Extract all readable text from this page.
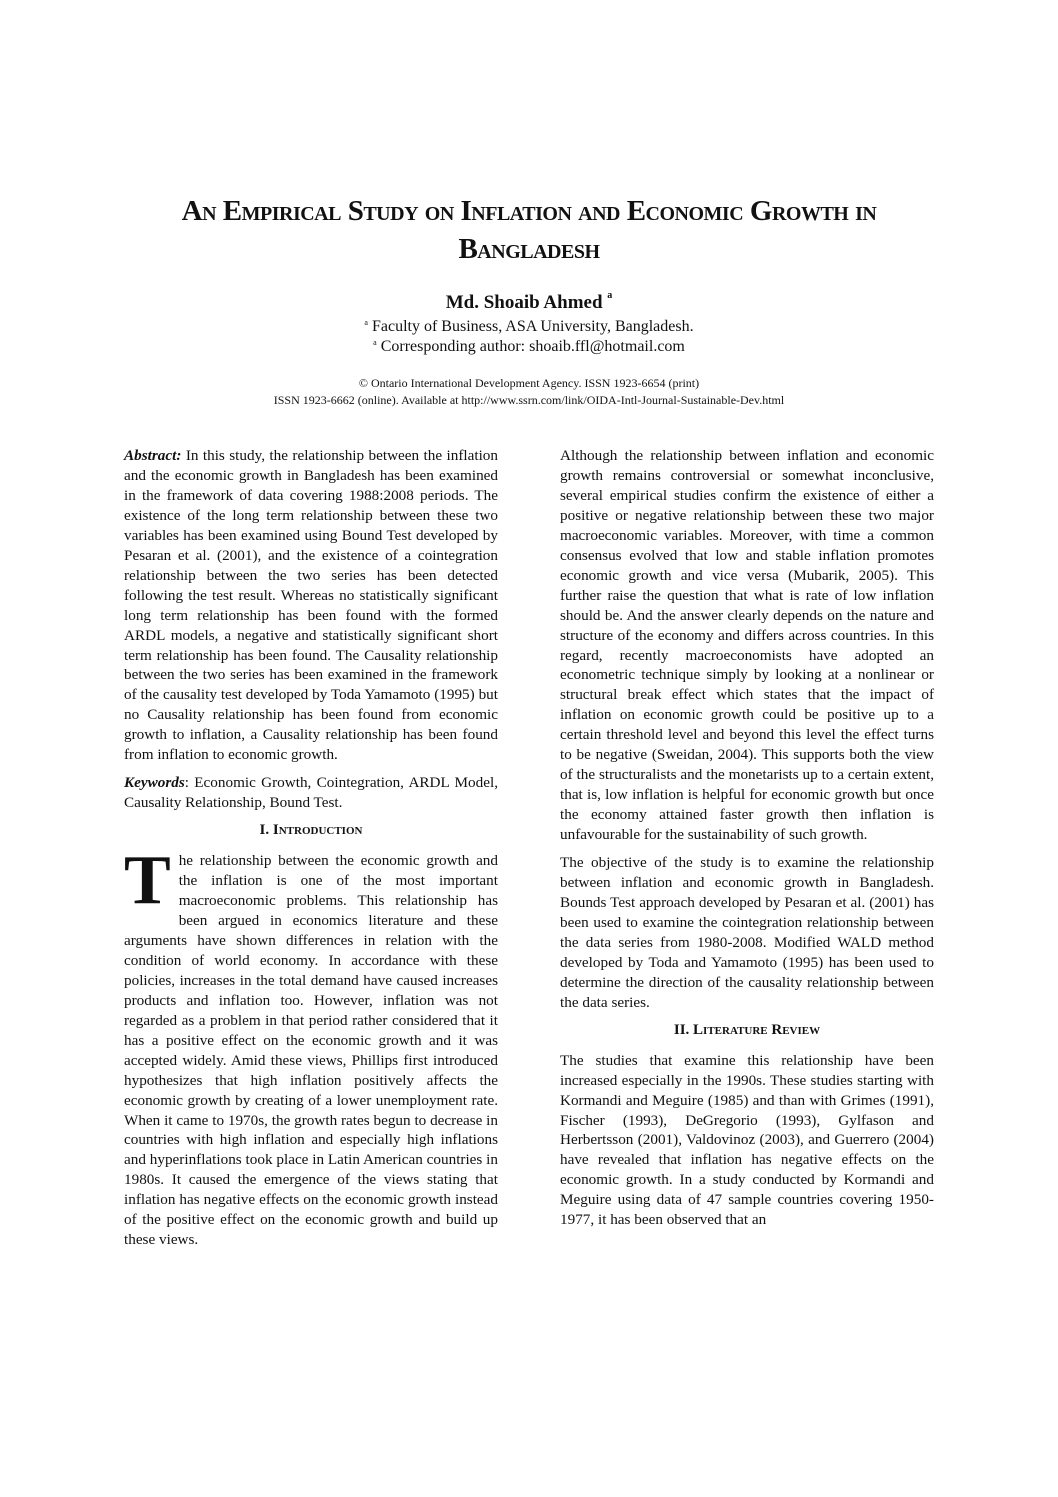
An Empirical Study on Inflation and Economic Growth in Bangladesh
Md. Shoaib Ahmed $^a$
$^a$ Faculty of Business, ASA University, Bangladesh.
$^a$ Corresponding author: shoaib.ffl@hotmail.com
© Ontario International Development Agency. ISSN 1923-6654 (print)
ISSN 1923-6662 (online). Available at http://www.ssrn.com/link/OIDA-Intl-Journal-Sustainable-Dev.html

Abstract: In this study, the relationship between the inflation and the economic growth in Bangladesh has been examined in the framework of data covering 1988:2008 periods. The existence of the long term relationship between these two variables has been examined using Bound Test developed by Pesaran et al. (2001), and the existence of a cointegration relationship between the two series has been detected following the test result. Whereas no statistically significant long term relationship has been found with the formed ARDL models, a negative and statistically significant short term relationship has been found. The Causality relationship between the two series has been examined in the framework of the causality test developed by Toda Yamamoto (1995) but no Causality relationship has been found from economic growth to inflation, a Causality relationship has been found from inflation to economic growth.

Keywords: Economic Growth, Cointegration, ARDL Model, Causality Relationship, Bound Test.

I. Introduction

The relationship between the economic growth and the inflation is one of the most important macroeconomic problems. This relationship has been argued in economics literature and these arguments have shown differences in relation with the condition of world economy. In accordance with these policies, increases in the total demand have caused increases products and inflation too. However, inflation was not regarded as a problem in that period rather considered that it has a positive effect on the economic growth and it was accepted widely. Amid these views, Phillips first introduced hypothesizes that high inflation positively affects the economic growth by creating of a lower unemployment rate. When it came to 1970s, the growth rates begun to decrease in countries with high inflation and especially high inflations and hyperinflations took place in Latin American countries in 1980s. It caused the emergence of the views stating that inflation has negative effects on the economic growth instead of the positive effect on the economic growth and build up these views.

Although the relationship between inflation and economic growth remains controversial or somewhat inconclusive, several empirical studies confirm the existence of either a positive or negative relationship between these two major macroeconomic variables. Moreover, with time a common consensus evolved that low and stable inflation promotes economic growth and vice versa (Mubarik, 2005). This further raise the question that what is rate of low inflation should be. And the answer clearly depends on the nature and structure of the economy and differs across countries. In this regard, recently macroeconomists have adopted an econometric technique simply by looking at a nonlinear or structural break effect which states that the impact of inflation on economic growth could be positive up to a certain threshold level and beyond this level the effect turns to be negative (Sweidan, 2004). This supports both the view of the structuralists and the monetarists up to a certain extent, that is, low inflation is helpful for economic growth but once the economy attained faster growth then inflation is unfavourable for the sustainability of such growth.

The objective of the study is to examine the relationship between inflation and economic growth in Bangladesh. Bounds Test approach developed by Pesaran et al. (2001) has been used to examine the cointegration relationship between the data series from 1980-2008. Modified WALD method developed by Toda and Yamamoto (1995) has been used to determine the direction of the causality relationship between the data series.

II. Literature Review

The studies that examine this relationship have been increased especially in the 1990s. These studies starting with Kormandi and Meguire (1985) and than with Grimes (1991), Fischer (1993), DeGregorio (1993), Gylfason and Herbertsson (2001), Valdovinoz (2003), and Guerrero (2004) have revealed that inflation has negative effects on the economic growth. In a study conducted by Kormandi and Meguire using data of 47 sample countries covering 1950-1977, it has been observed that an
